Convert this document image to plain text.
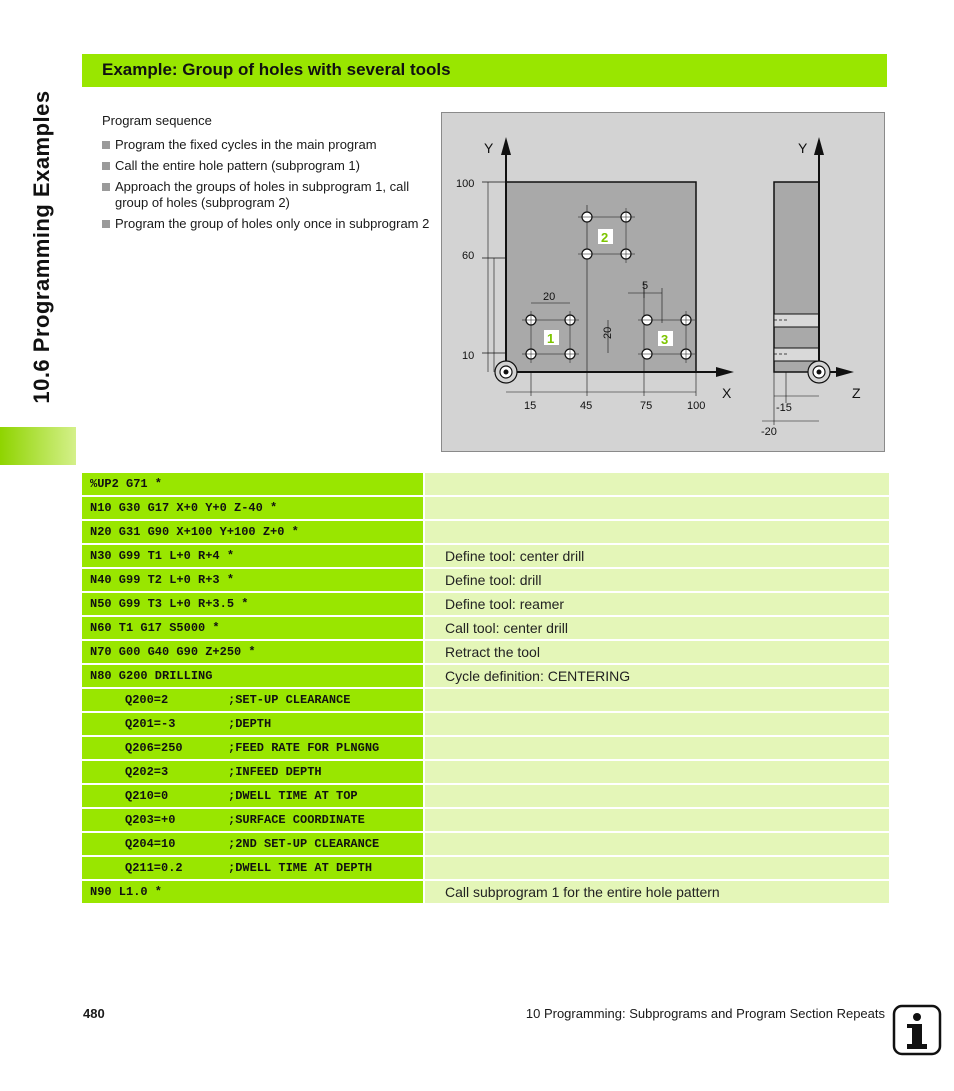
10.6 Programming Examples
Example: Group of holes with several tools
Program sequence
Program the fixed cycles in the main program
Call the entire hole pattern (subprogram 1)
Approach the groups of holes in subprogram 1, call group of holes (subprogram 2)
Program the group of holes only once in subprogram 2
Y
X
Y
Z
100
60
10
15	45	75	100	-15
-20
20
20
5
1
2
3
%UP2 G71 *
N10 G30 G17 X+0 Y+0 Z-40 *
N20 G31 G90 X+100 Y+100 Z+0 *
N30 G99 T1 L+0 R+4 *	Define tool: center drill
N40 G99 T2 L+0 R+3 *	Define tool: drill
N50 G99 T3 L+0 R+3.5 *	Define tool: reamer
N60 T1 G17 S5000 *	Call tool: center drill
N70 G00 G40 G90 Z+250 *	Retract the tool
N80 G200 DRILLING	Cycle definition: CENTERING
Q200=2	;SET-UP CLEARANCE
Q201=-3	;DEPTH
Q206=250	;FEED RATE FOR PLNGNG
Q202=3	;INFEED DEPTH
Q210=0	;DWELL TIME AT TOP
Q203=+0	;SURFACE COORDINATE
Q204=10	;2ND SET-UP CLEARANCE
Q211=0.2	;DWELL TIME AT DEPTH
N90 L1.0 *	Call subprogram 1 for the entire hole pattern
480	10 Programming: Subprograms and Program Section Repeats
